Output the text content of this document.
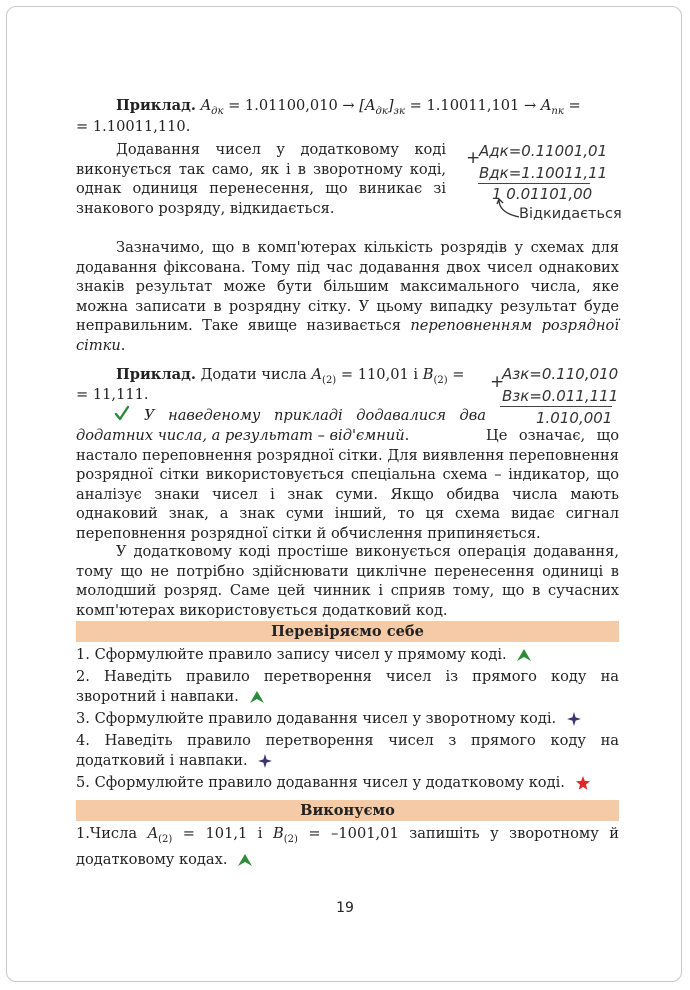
Приклад. $A_{дк} = 1.01100,010 \to [A_{дк}]_{зк} = 1.10011,101 \to A_{пк}$ =

= 1.10011,110.

Додавання чисел у додатковому коді виконується так само, як і в зворотному коді, однак одиниця перенесення, що виникає зі знакового розряду, відкидається.

+
Aдк=0.11001,01
Bдк=1.10011,11
1 0.01101,00
Відкидається

Зазначимо, що в комп'ютерах кількість розрядів у схемах для додавання фіксована. Тому під час додавання двох чисел однакових знаків результат може бути більшим максимального числа, яке можна записати в розрядну сітку. У цьому випадку результат буде неправильним. Таке явище називається переповненням розрядної сітки.

Приклад. Додати числа $A_{(2)} = 110,01$ і $B_{(2)}$ =

= 11,111.

+
Aзк=0.110,010
Bзк=0.011,111
1.010,001

У наведеному прикладі додавалися два додатних числа, а результат – від'ємний.	Це означає, що настало переповнення розрядної сітки. Для виявлення переповнення розрядної сітки використовується спеціальна схема – індикатор, що аналізує знаки чисел і знак суми. Якщо обидва числа мають однаковий знак, а знак суми інший, то ця схема видає сигнал переповнення розрядної сітки й обчислення припиняється.

У додатковому коді простіше виконується операція додавання, тому що не потрібно здійснювати циклічне перенесення одиниці в молодший розряд. Саме цей чинник і сприяв тому, що в сучасних комп'ютерах використовується додатковий код.

Перевіряємо себе

1. Сформулюйте правило запису чисел у прямому коді.

2. Наведіть правило перетворення чисел із прямого коду на зворотний і навпаки.

3. Сформулюйте правило додавання чисел у зворотному коді.

4. Наведіть правило перетворення чисел з прямого коду на додатковий і навпаки.

5. Сформулюйте правило додавання чисел у додатковому коді.

Виконуємо

1.Числа $A_{(2)} = 101,1$ і $B_{(2)} = -1001,01$ запишіть у зворотному й додатковому кодах.

19
